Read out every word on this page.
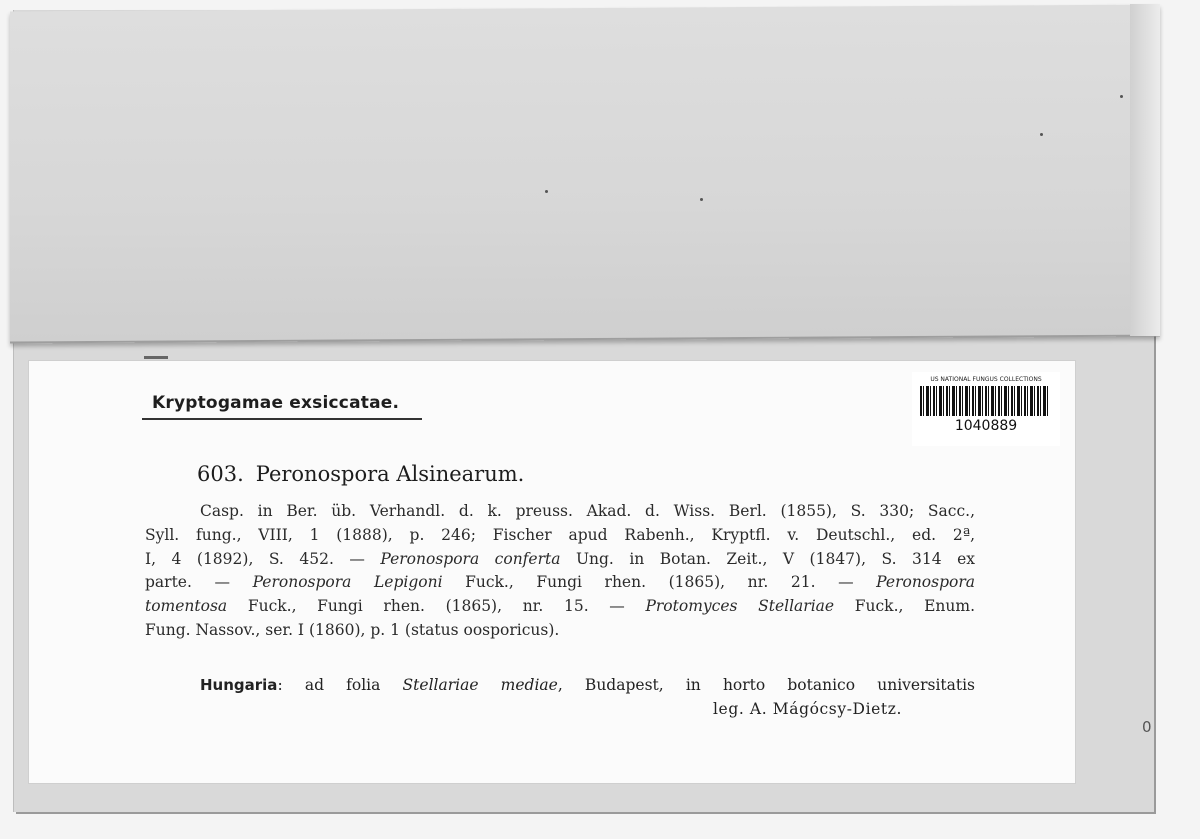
Kryptogamae exsiccatae.
US NATIONAL FUNGUS COLLECTIONS
1040889
603. Peronospora Alsinearum.
Casp. in Ber. üb. Verhandl. d. k. preuss. Akad. d. Wiss. Berl. (1855), S. 330; Sacc.,
Syll. fung., VIII, 1 (1888), p. 246; Fischer apud Rabenh., Kryptfl. v. Deutschl., ed. 2ª,
I, 4 (1892), S. 452. — Peronospora conferta Ung. in Botan. Zeit., V (1847), S. 314 ex
parte. — Peronospora Lepigoni Fuck., Fungi rhen. (1865), nr. 21. — Peronospora
tomentosa Fuck., Fungi rhen. (1865), nr. 15. — Protomyces Stellariae Fuck., Enum.
Fung. Nassov., ser. I (1860), p. 1 (status oosporicus).
Hungaria: ad folia Stellariae mediae, Budapest, in horto botanico universitatis
leg. A. Mágócsy-Dietz.
0
